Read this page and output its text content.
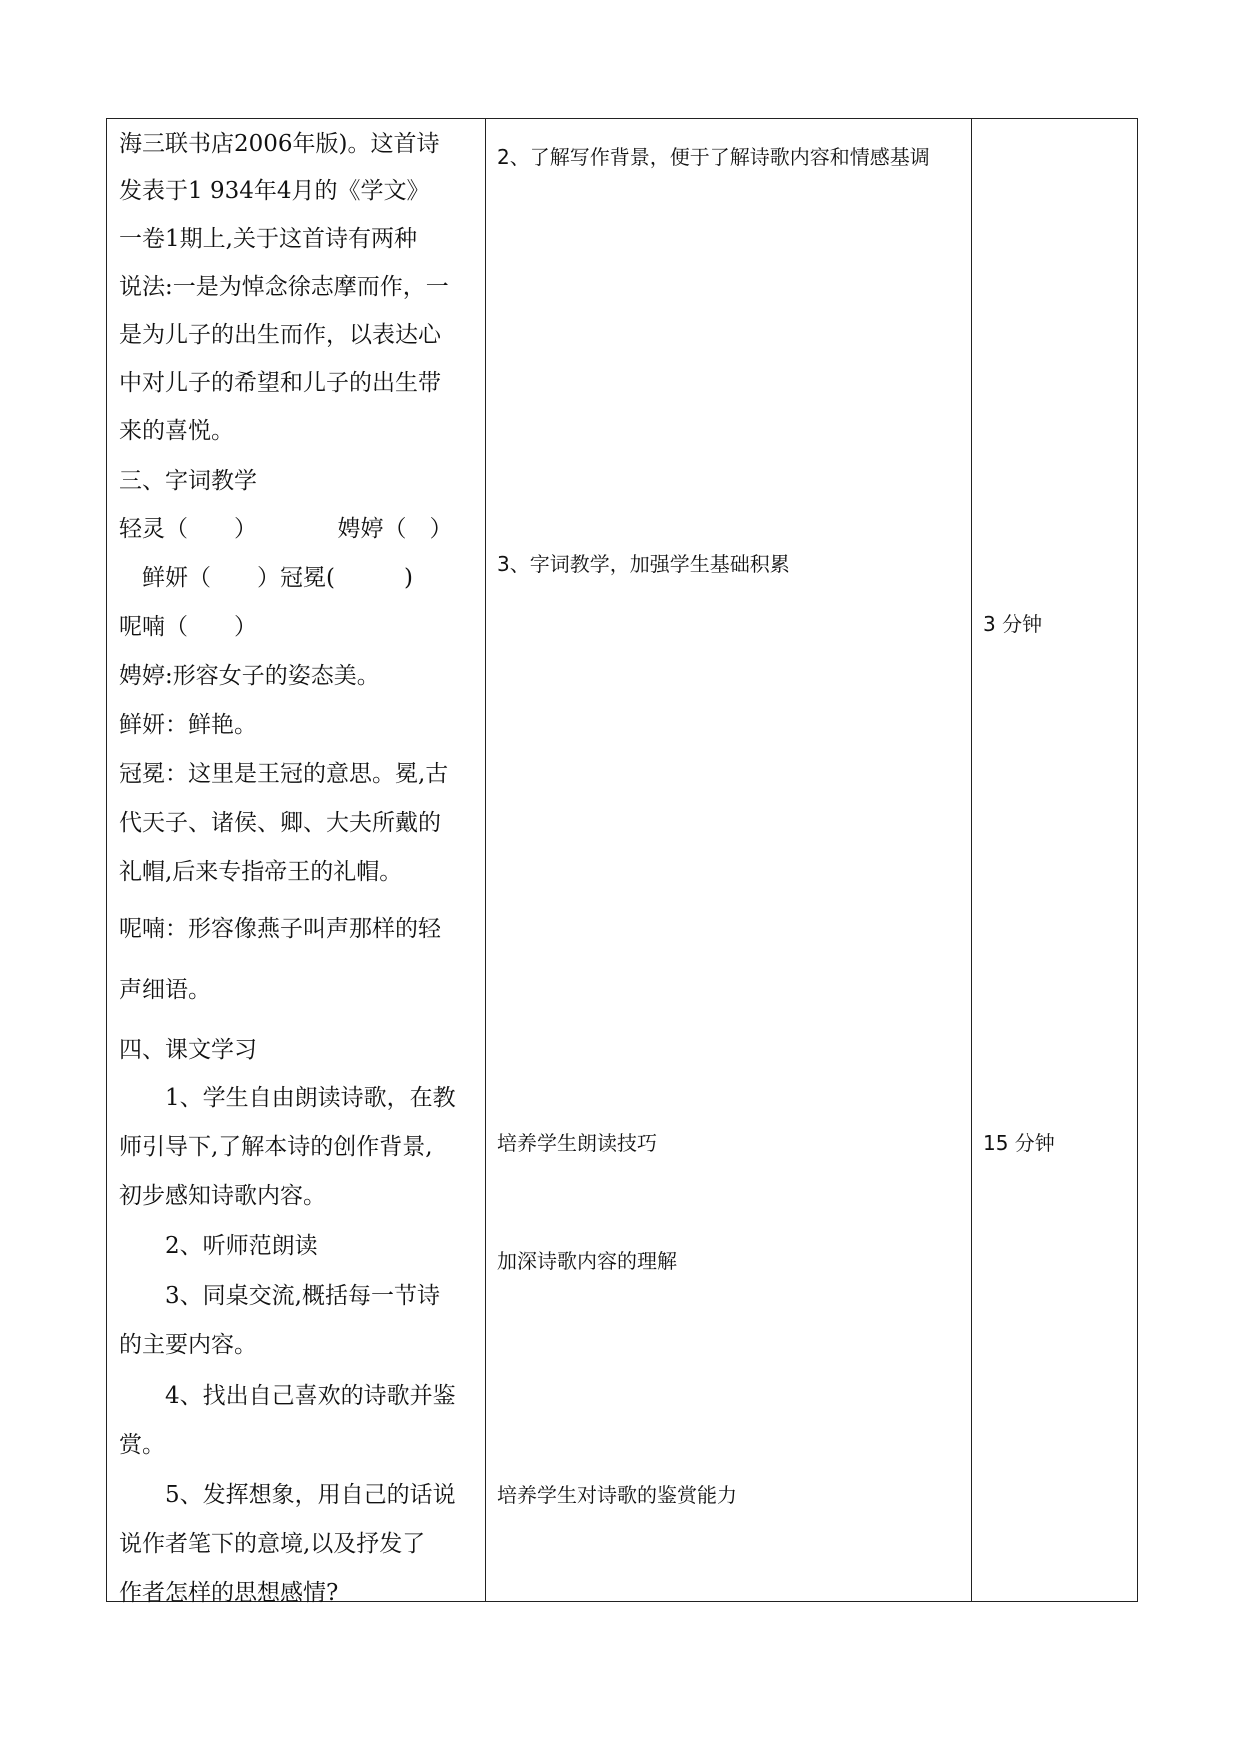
海三联书店2006年版)。这首诗
发表于1 934年4月的《学文》
一卷1期上,关于这首诗有两种
说法:一是为悼念徐志摩而作，一
是为儿子的出生而作，以表达心
中对儿子的希望和儿子的出生带
来的喜悦。
三、字词教学
轻灵（　　）　　　　娉婷（　）
　鲜妍（　　）冠冕(　　　)
呢喃（　　）
娉婷:形容女子的姿态美。
鲜妍：鲜艳。
冠冕：这里是王冠的意思。冕,古
代天子、诸侯、卿、大夫所戴的
礼帽,后来专指帝王的礼帽。
呢喃：形容像燕子叫声那样的轻
声细语。
四、课文学习
　　1、学生自由朗读诗歌，在教
师引导下,了解本诗的创作背景,
初步感知诗歌内容。
　　2、听师范朗读
　　3、同桌交流,概括每一节诗
的主要内容。
　　4、找出自己喜欢的诗歌并鉴
赏。
　　5、发挥想象，用自己的话说
说作者笔下的意境,以及抒发了
作者怎样的思想感情?
2、了解写作背景，便于了解诗歌内容和情感基调
3、字词教学，加强学生基础积累
培养学生朗读技巧
加深诗歌内容的理解
培养学生对诗歌的鉴赏能力
3 分钟
15 分钟
